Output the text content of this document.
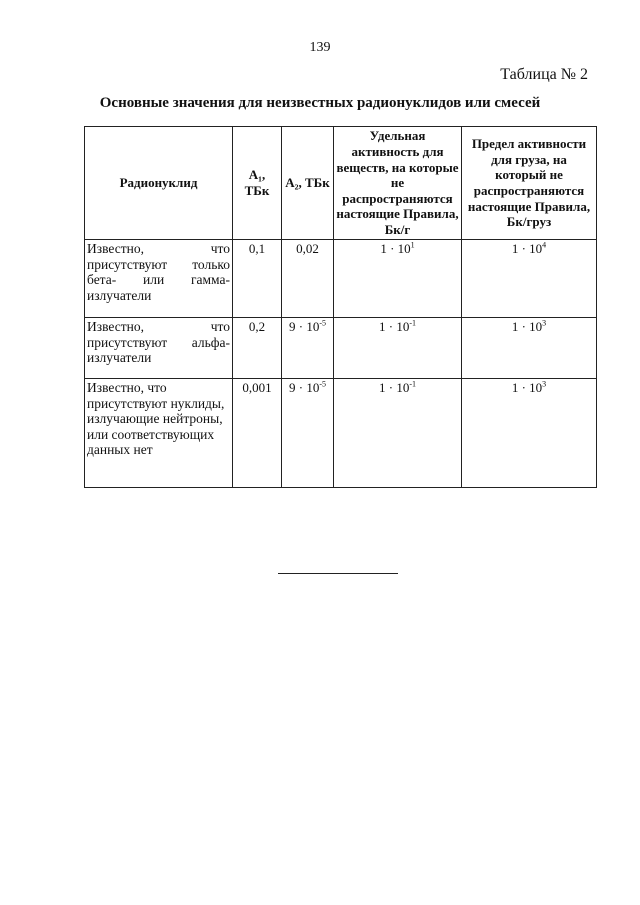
139
Таблица № 2
Основные значения для неизвестных радионуклидов или смесей
Радионуклид	A₁, ТБк	A₂, ТБк	Удельная активность для веществ, на которые не распространяются настоящие Правила, Бк/г	Предел активности для груза, на который не распространяются настоящие Правила, Бк/груз
Известно, что присутствуют только бета- или гамма-излучатели	0,1	0,02	$1 \cdot 10^1$	$1 \cdot 10^4$
Известно, что присутствуют альфа-излучатели	0,2	$9 \cdot 10^{-5}$	$1 \cdot 10^{-1}$	$1 \cdot 10^3$
Известно, что присутствуют нуклиды, излучающие нейтроны, или соответствующих данных нет	0,001	$9 \cdot 10^{-5}$	$1 \cdot 10^{-1}$	$1 \cdot 10^3$
